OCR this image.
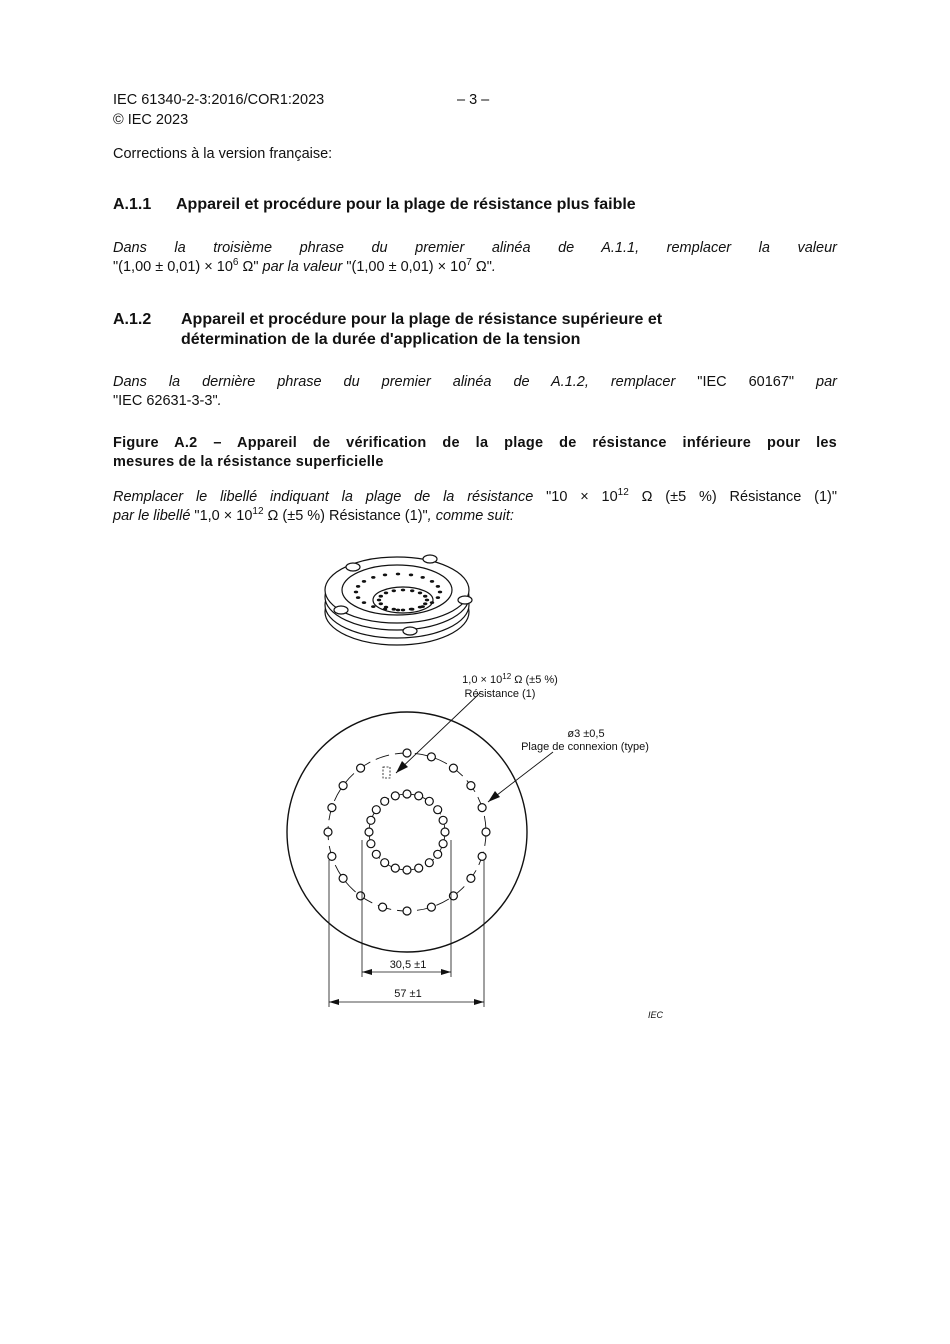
IEC 61340-2-3:2016/COR1:2023	– 3 –
© IEC 2023
Corrections à la version française:
A.1.1 Appareil et procédure pour la plage de résistance plus faible
Dans la troisième phrase du premier alinéa de A.1.1, remplacer la valeur
"$(1,00 \pm 0,01) \times 10^6$ Ω" par la valeur "$(1,00 \pm 0,01) \times 10^7$ Ω".
A.1.2 Appareil et procédure pour la plage de résistance supérieure et
détermination de la durée d'application de la tension
Dans la dernière phrase du premier alinéa de A.1.2, remplacer "IEC 60167" par
"IEC 62631-3-3".
Figure A.2 – Appareil de vérification de la plage de résistance inférieure pour les
mesures de la résistance superficielle
Remplacer le libellé indiquant la plage de la résistance "$10 \times 10^{12}$ Ω (±5 %) Résistance (1)"
par le libellé "$1,0 \times 10^{12}$ Ω (±5 %) Résistance (1)", comme suit:
$1,0 \times 10^{12}$ Ω (±5 %)
Résistance (1)
ø3 ±0,5
Plage de connexion (type)
30,5 ±1
57 ±1
IEC
